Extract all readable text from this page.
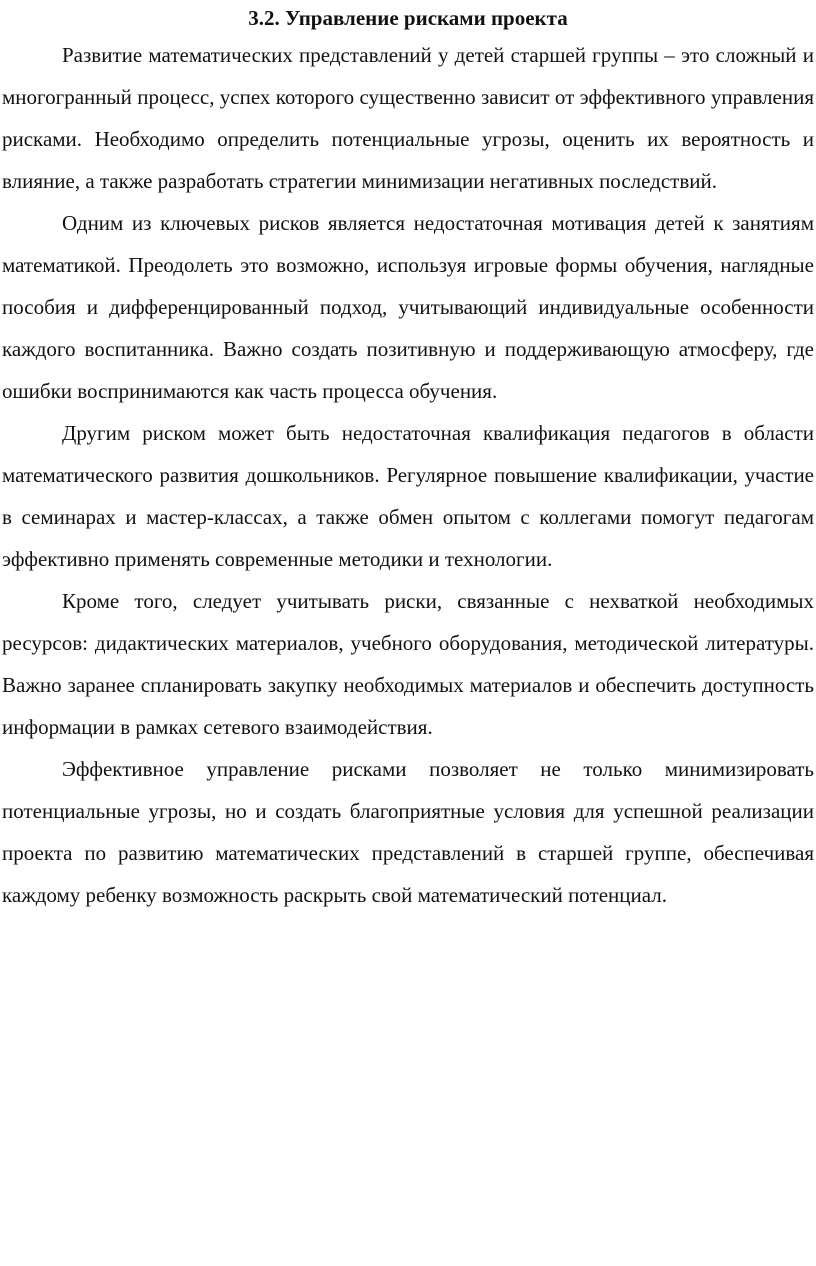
3.2. Управление рисками проекта

Развитие математических представлений у детей старшей группы – это сложный и многогранный процесс, успех которого существенно зависит от эффективного управления рисками. Необходимо определить потенциальные угрозы, оценить их вероятность и влияние, а также разработать стратегии минимизации негативных последствий.

Одним из ключевых рисков является недостаточная мотивация детей к занятиям математикой. Преодолеть это возможно, используя игровые формы обучения, наглядные пособия и дифференцированный подход, учитывающий индивидуальные особенности каждого воспитанника. Важно создать позитивную и поддерживающую атмосферу, где ошибки воспринимаются как часть процесса обучения.

Другим риском может быть недостаточная квалификация педагогов в области математического развития дошкольников. Регулярное повышение квалификации, участие в семинарах и мастер-классах, а также обмен опытом с коллегами помогут педагогам эффективно применять современные методики и технологии.

Кроме того, следует учитывать риски, связанные с нехваткой необходимых ресурсов: дидактических материалов, учебного оборудования, методической литературы. Важно заранее спланировать закупку необходимых материалов и обеспечить доступность информации в рамках сетевого взаимодействия.

Эффективное управление рисками позволяет не только минимизировать потенциальные угрозы, но и создать благоприятные условия для успешной реализации проекта по развитию математических представлений в старшей группе, обеспечивая каждому ребенку возможность раскрыть свой математический потенциал.
